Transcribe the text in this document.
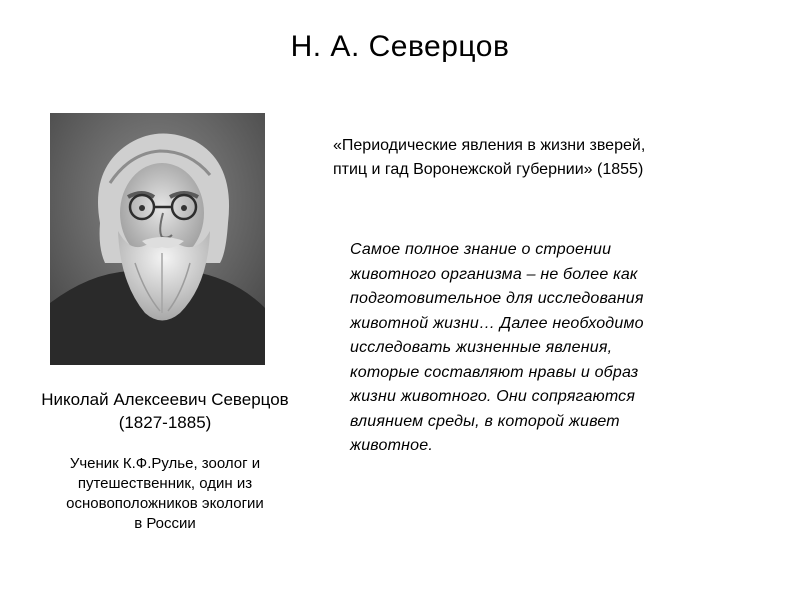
Н. А. Северцов
Николай Алексеевич Северцов
(1827-1885)
Ученик К.Ф.Рулье, зоолог и
путешественник, один из
основоположников экологии
в России
«Периодические явления в жизни зверей,
птиц и гад Воронежской губернии» (1855)
Самое полное знание о строении
животного организма – не более как
подготовительное для исследования
животной жизни… Далее необходимо
исследовать жизненные явления,
которые составляют нравы и образ
жизни животного. Они сопрягаются
влиянием среды, в которой живет
животное.
